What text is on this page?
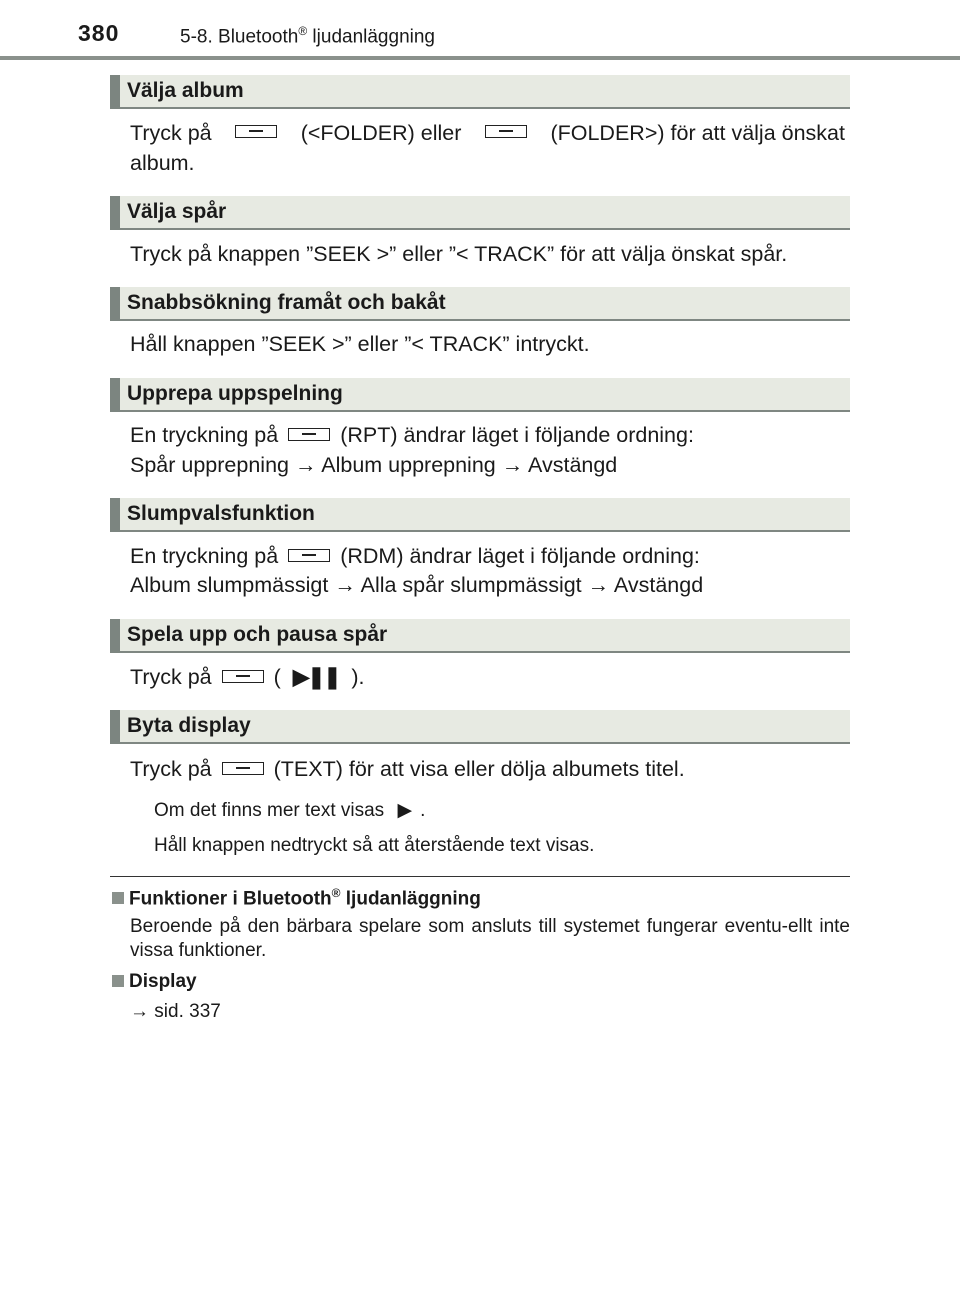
380	5-8. Bluetooth® ljudanläggning
Välja album
Tryck på	(<FOLDER) eller	(FOLDER>) för att välja önskat
album.
Välja spår
Tryck på knappen ”SEEK >” eller ”< TRACK” för att välja önskat spår.
Snabbsökning framåt och bakåt
Håll knappen ”SEEK >” eller ”< TRACK” intryckt.
Upprepa uppspelning
En tryckning på	(RPT) ändrar läget i följande ordning:
Spår upprepning → Album upprepning → Avstängd
Slumpvalsfunktion
En tryckning på	(RDM) ändrar läget i följande ordning:
Album slumpmässigt → Alla spår slumpmässigt → Avstängd
Spela upp och pausa spår
Tryck på	( ▶❚❚ ).
Byta display
Tryck på	(TEXT) för att visa eller dölja albumets titel.
Om det finns mer text visas ▶ .
Håll knappen nedtryckt så att återstående text visas.
Funktioner i Bluetooth® ljudanläggning
Beroende på den bärbara spelare som ansluts till systemet fungerar eventu-ellt inte vissa funktioner.
Display
→ sid. 337
